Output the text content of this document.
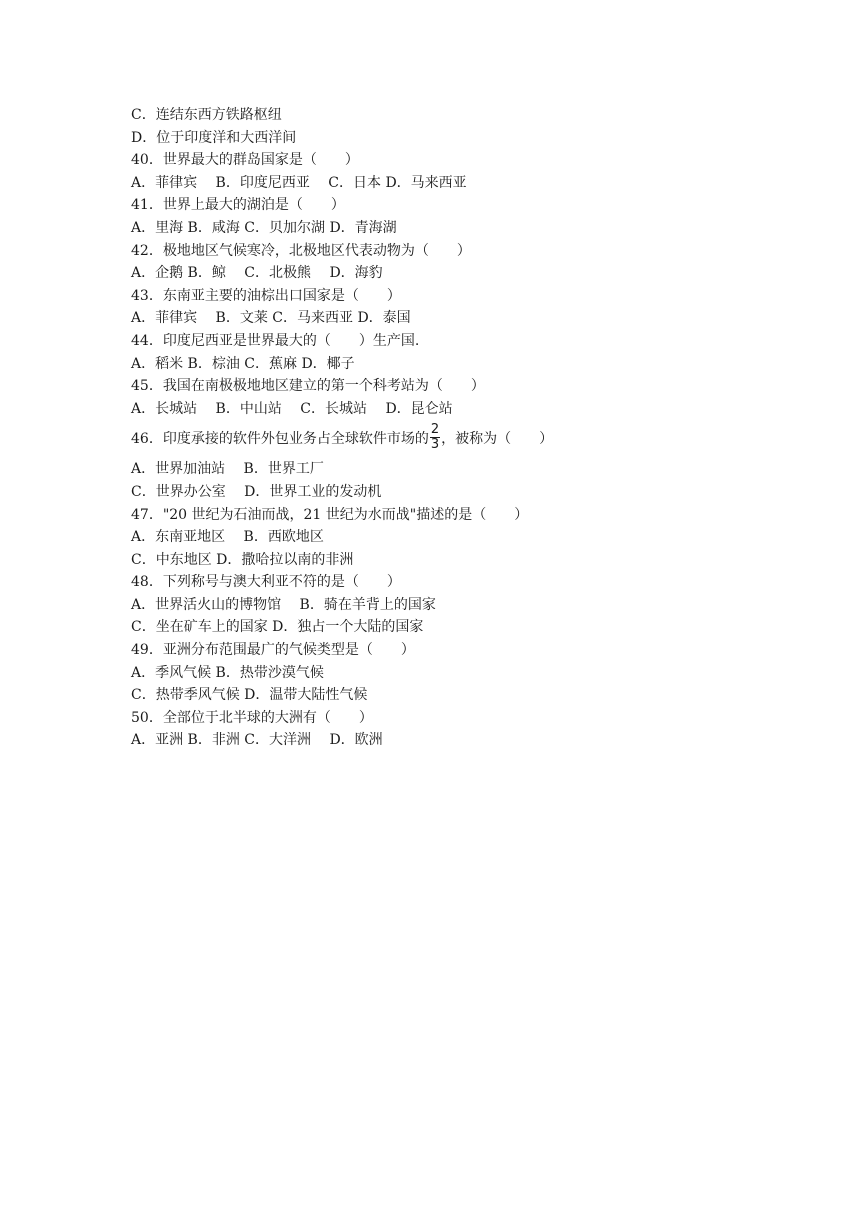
C．连结东西方铁路枢纽
D．位于印度洋和大西洋间
40．世界最大的群岛国家是（　　）
A．菲律宾　 B．印度尼西亚　 C．日本 D．马来西亚
41．世界上最大的湖泊是（　　）
A．里海 B．咸海 C．贝加尔湖 D．青海湖
42．极地地区气候寒冷，北极地区代表动物为（　　）
A．企鹅 B．鲸　 C．北极熊　 D．海豹
43．东南亚主要的油棕出口国家是（　　）
A．菲律宾　 B．文莱 C．马来西亚 D．泰国
44．印度尼西亚是世界最大的（　　）生产国.
A．稻米 B．棕油 C．蕉麻 D．椰子
45．我国在南极极地地区建立的第一个科考站为（　　）
A．长城站　 B．中山站　 C．长城站　 D．昆仑站
46．印度承接的软件外包业务占全球软件市场的 $\frac{2}{3}$ ，被称为（　　）
A．世界加油站　 B．世界工厂
C．世界办公室　 D．世界工业的发动机
47．"20 世纪为石油而战，21 世纪为水而战"描述的是（　　）
A．东南亚地区　 B．西欧地区
C．中东地区 D．撒哈拉以南的非洲
48．下列称号与澳大利亚不符的是（　　）
A．世界活火山的博物馆　 B．骑在羊背上的国家
C．坐在矿车上的国家 D．独占一个大陆的国家
49．亚洲分布范围最广的气候类型是（　　）
A．季风气候 B．热带沙漠气候
C．热带季风气候 D．温带大陆性气候
50．全部位于北半球的大洲有（　　）
A．亚洲 B．非洲 C．大洋洲　 D．欧洲
